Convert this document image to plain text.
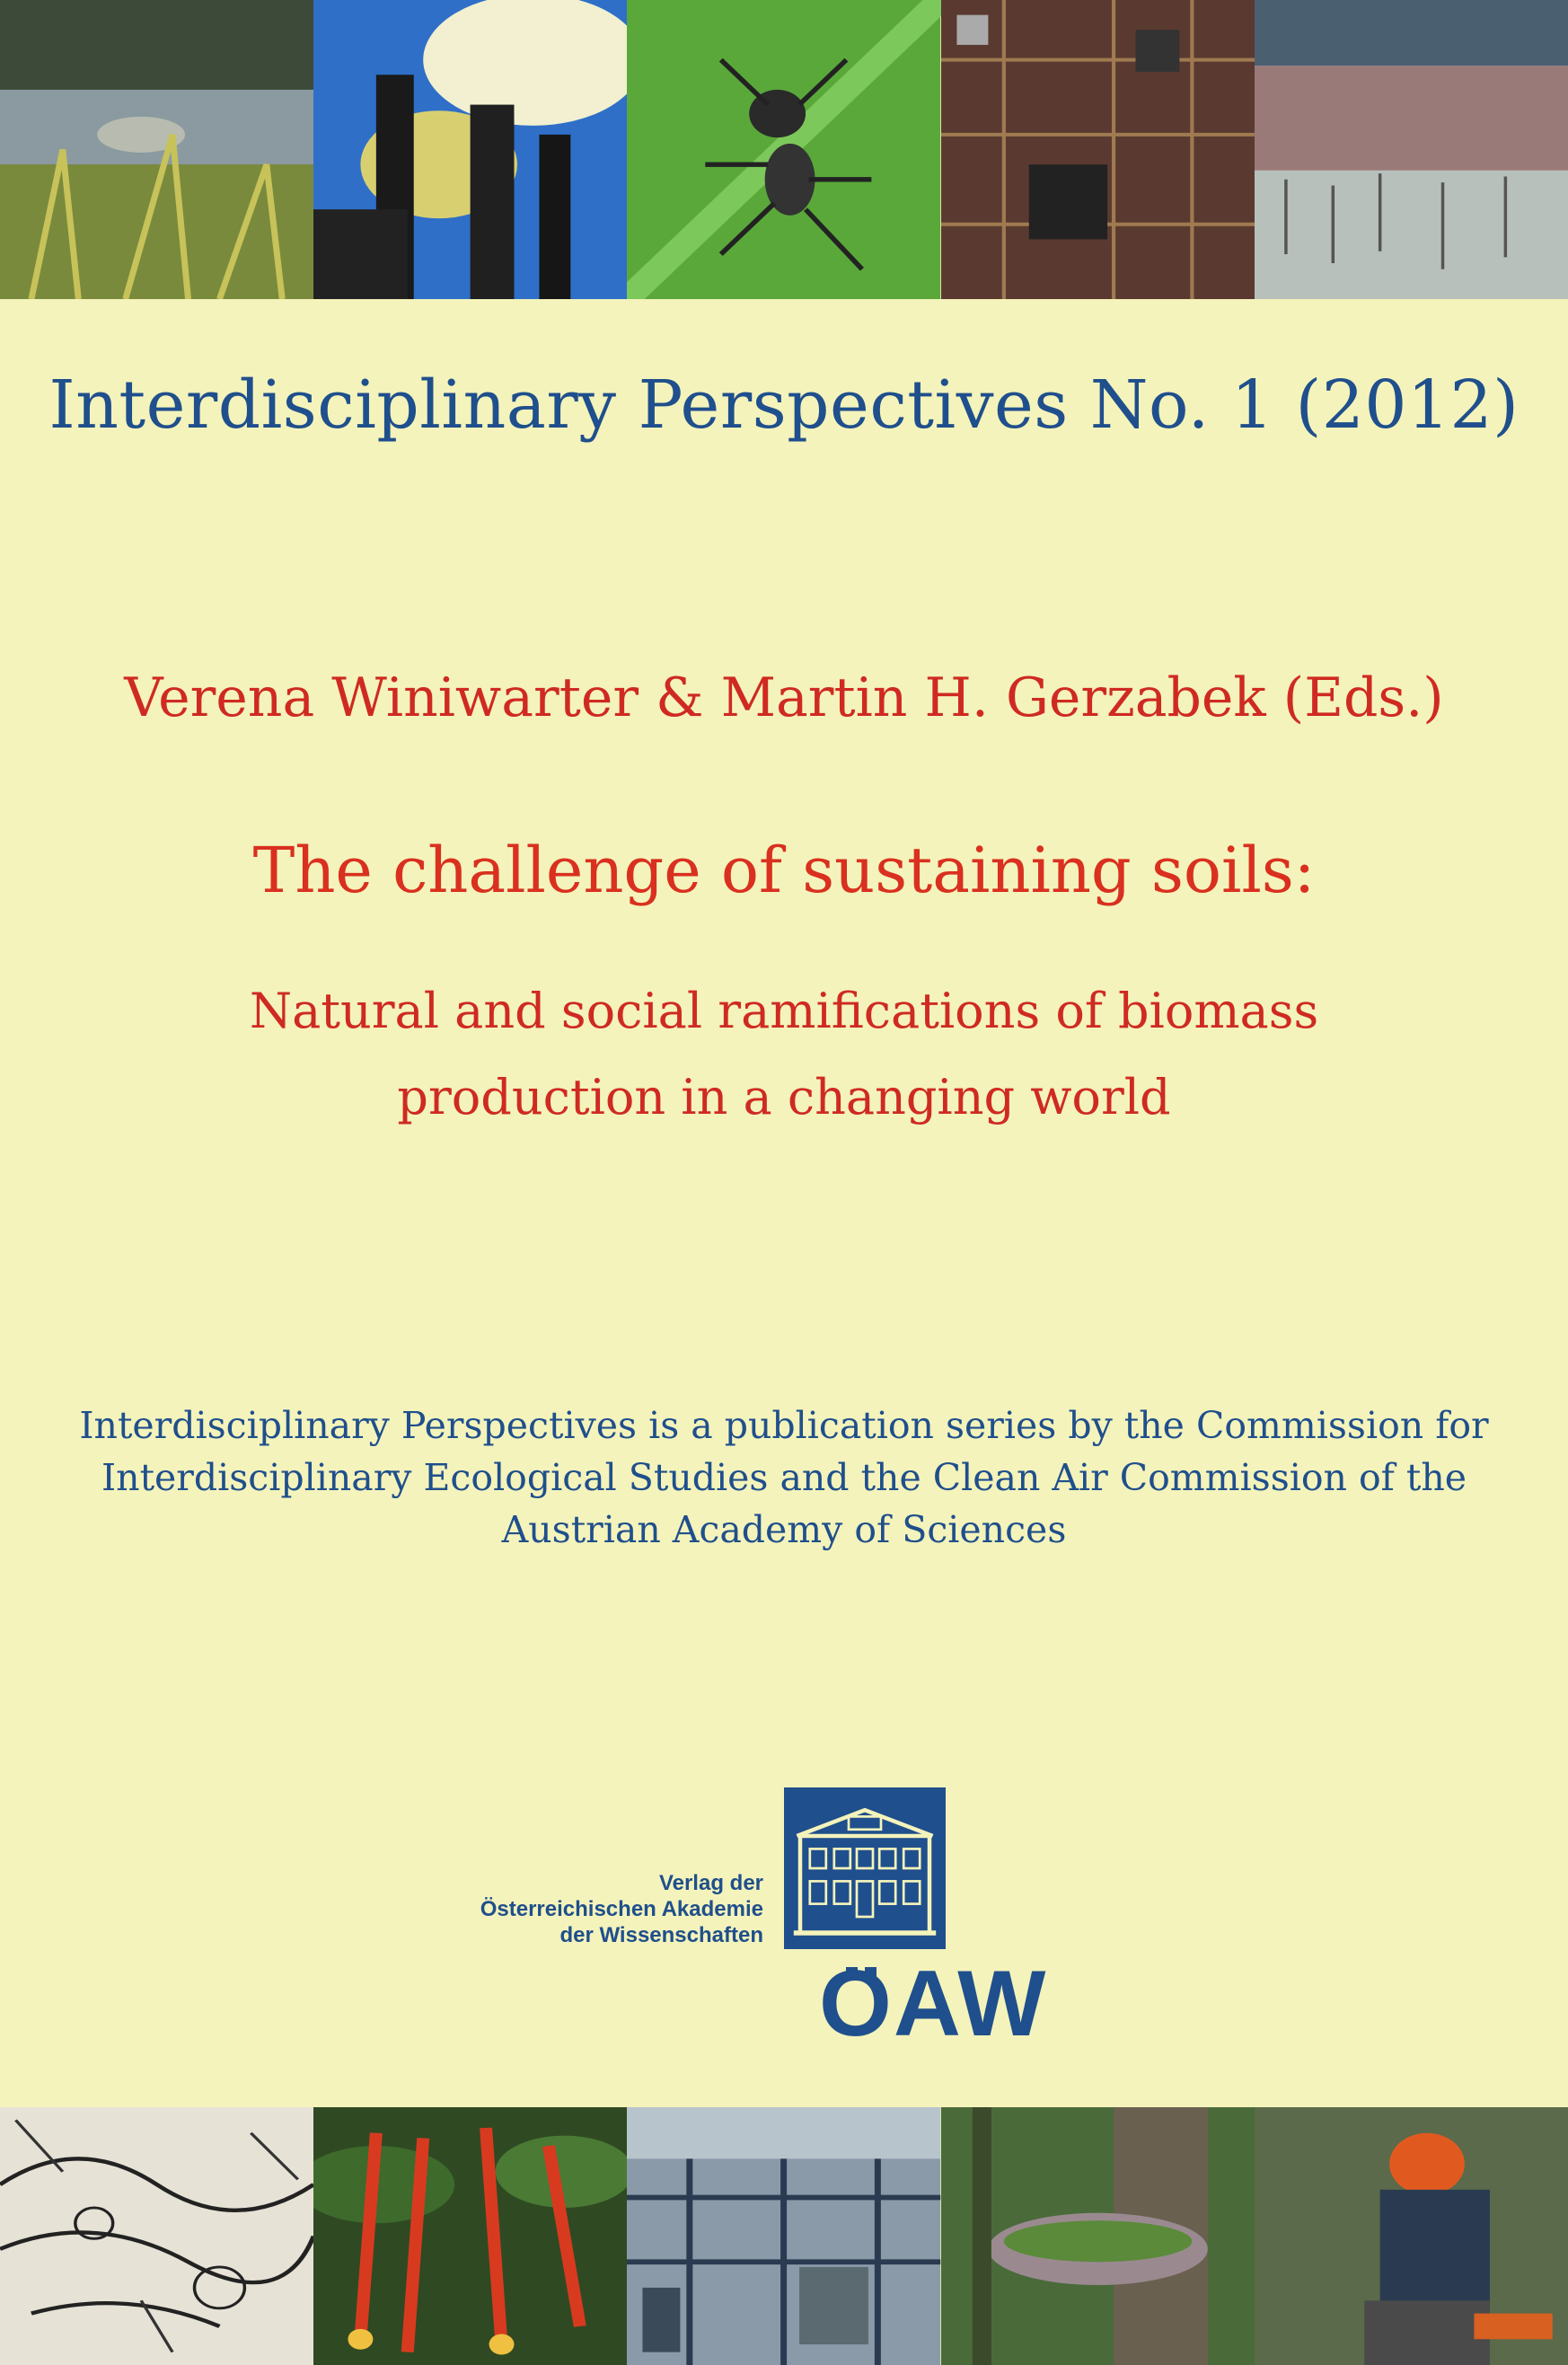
Interdisciplinary Perspectives No. 1 (2012)
Verena Winiwarter & Martin H. Gerzabek (Eds.)
The challenge of sustaining soils:
Natural and social ramifications of biomass
production in a changing world
Interdisciplinary Perspectives is a publication series by the Commission for
Interdisciplinary Ecological Studies and the Clean Air Commission of the
Austrian Academy of Sciences
Verlag der
Österreichischen Akademie
der Wissenschaften
OAW
